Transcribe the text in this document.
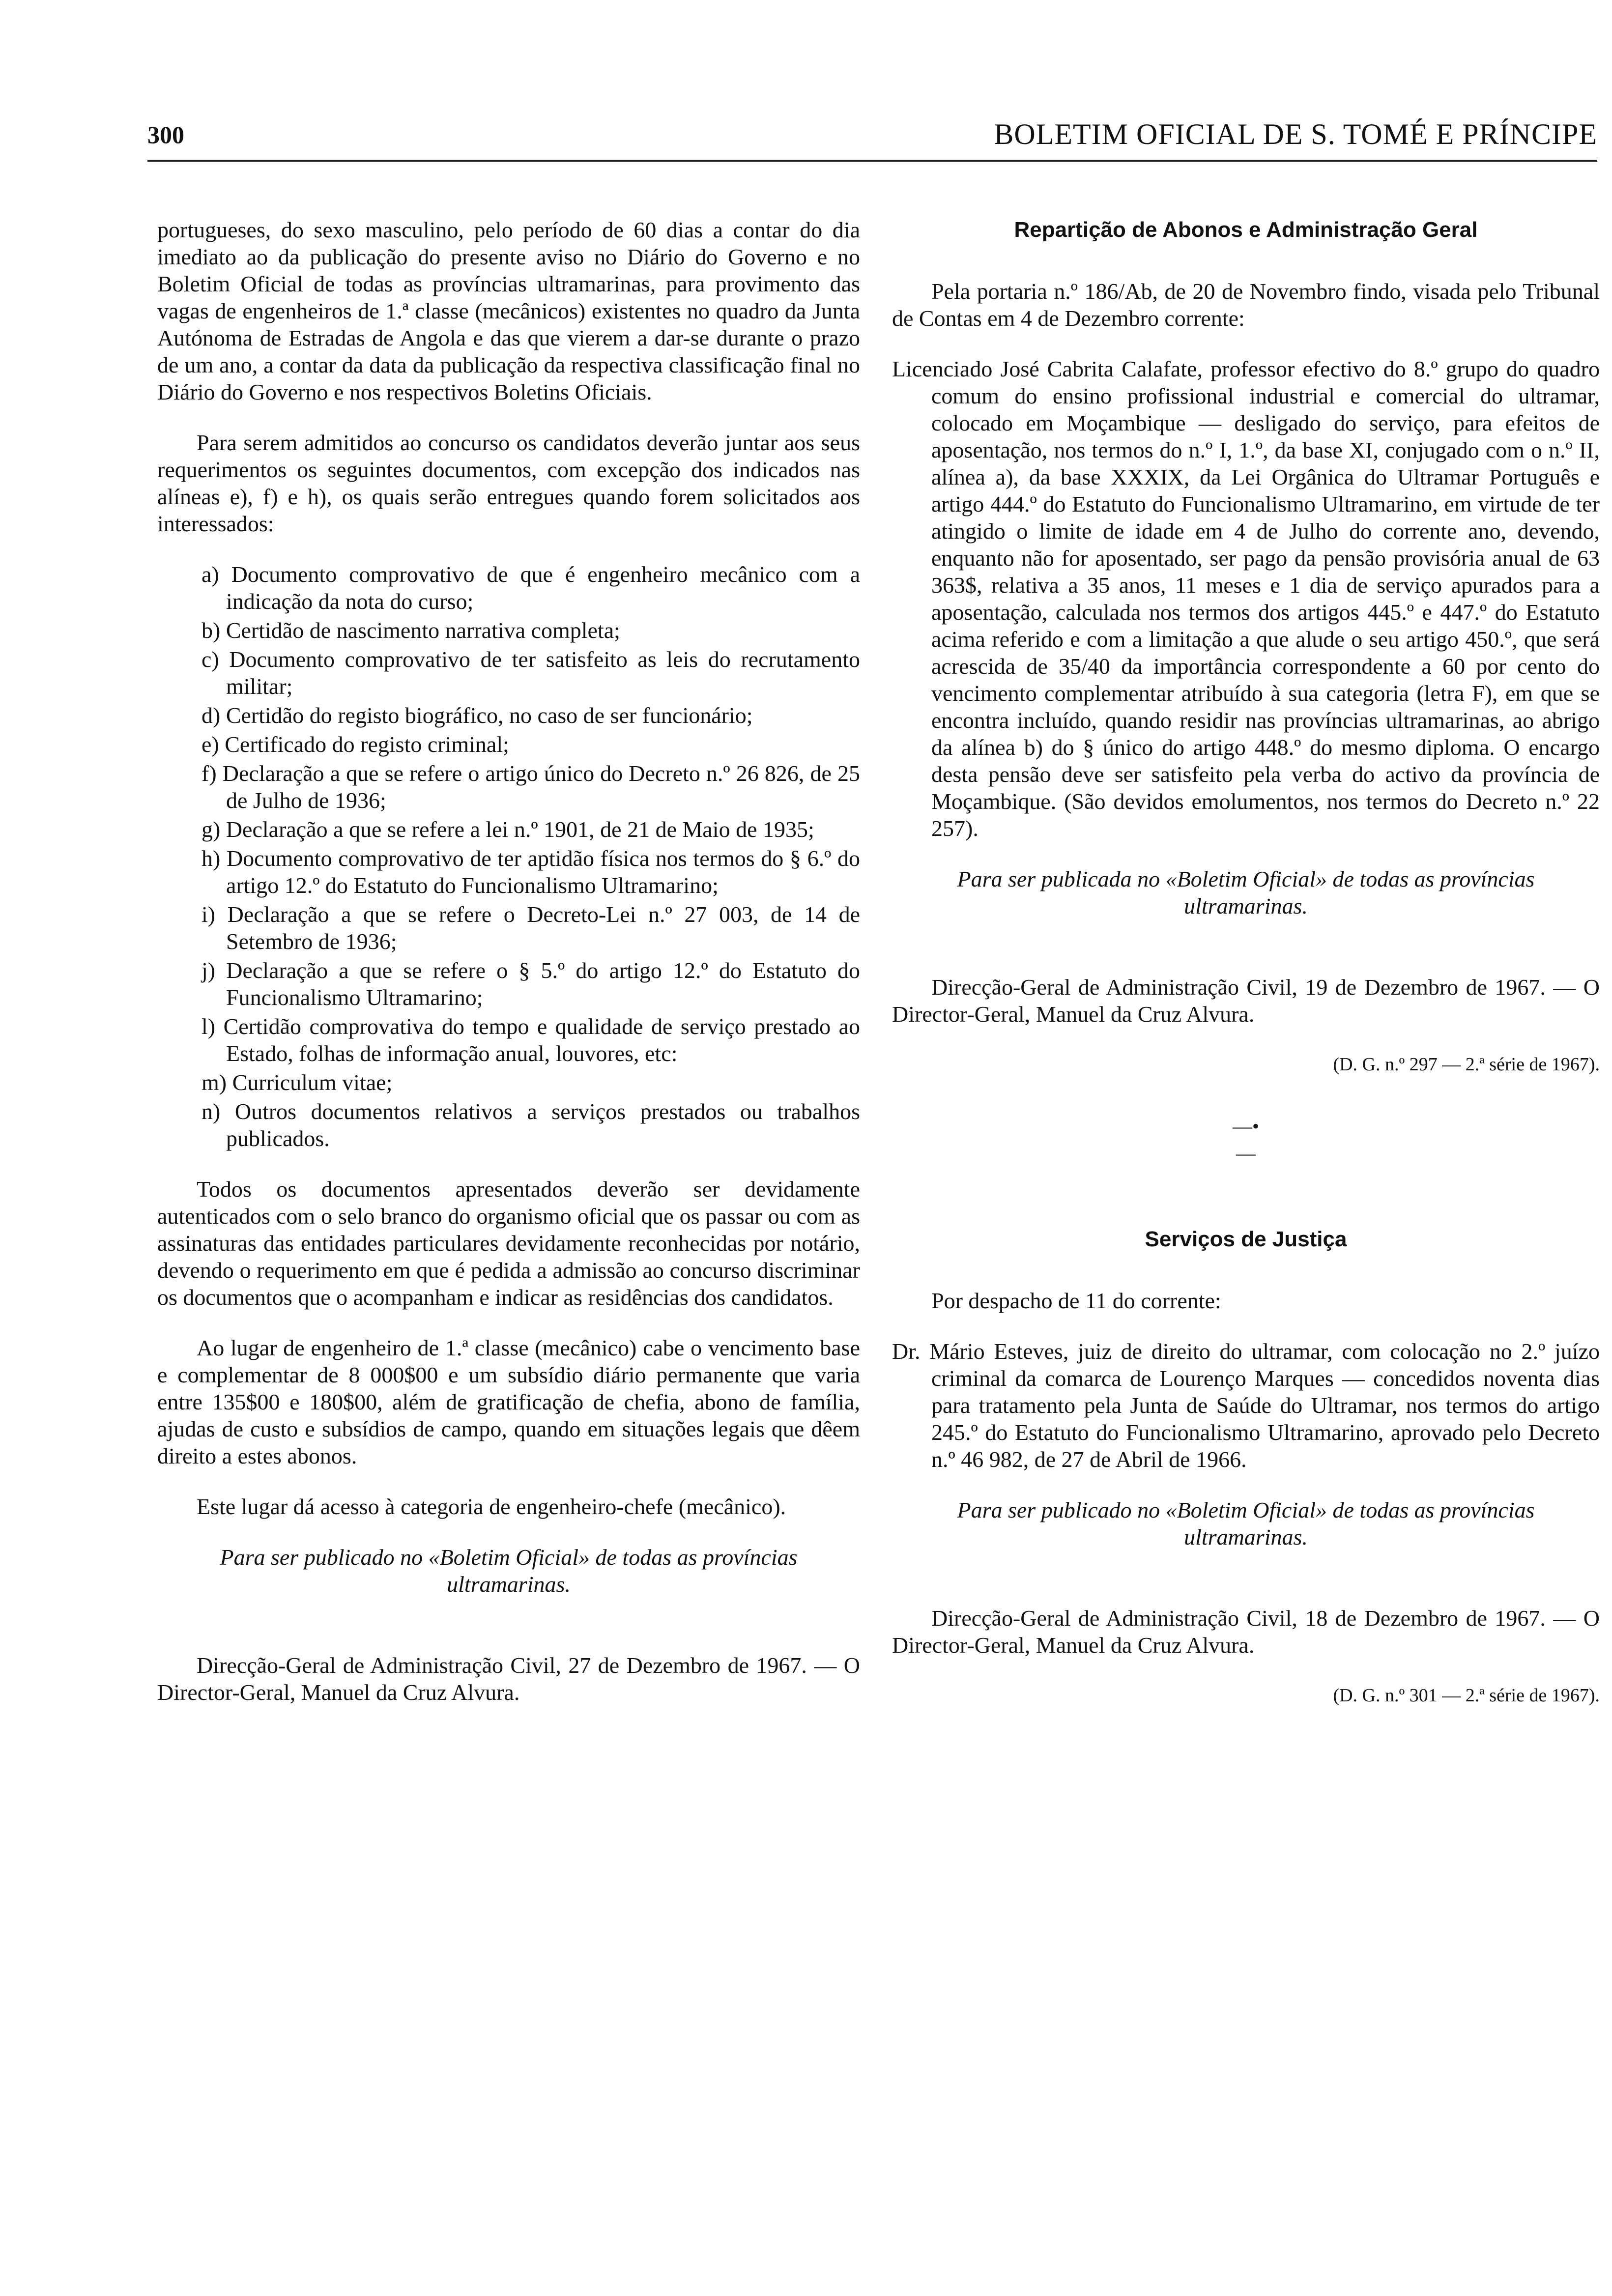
300	BOLETIM OFICIAL DE S. TOMÉ E PRÍNCIPE

portugueses, do sexo masculino, pelo período de 60 dias a contar do dia imediato ao da publicação do presente aviso no Diário do Governo e no Boletim Oficial de todas as províncias ultramarinas, para provimento das vagas de engenheiros de 1.ª classe (mecânicos) existentes no quadro da Junta Autónoma de Estradas de Angola e das que vierem a dar-se durante o prazo de um ano, a contar da data da publicação da respectiva classificação final no Diário do Governo e nos respectivos Boletins Oficiais.

Para serem admitidos ao concurso os candidatos deverão juntar aos seus requerimentos os seguintes documentos, com excepção dos indicados nas alíneas e), f) e h), os quais serão entregues quando forem solicitados aos interessados:

a) Documento comprovativo de que é engenheiro mecânico com a indicação da nota do curso;
b) Certidão de nascimento narrativa completa;
c) Documento comprovativo de ter satisfeito as leis do recrutamento militar;
d) Certidão do registo biográfico, no caso de ser funcionário;
e) Certificado do registo criminal;
f) Declaração a que se refere o artigo único do Decreto n.º 26 826, de 25 de Julho de 1936;
g) Declaração a que se refere a lei n.º 1901, de 21 de Maio de 1935;
h) Documento comprovativo de ter aptidão física nos termos do § 6.º do artigo 12.º do Estatuto do Funcionalismo Ultramarino;
i) Declaração a que se refere o Decreto-Lei n.º 27 003, de 14 de Setembro de 1936;
j) Declaração a que se refere o § 5.º do artigo 12.º do Estatuto do Funcionalismo Ultramarino;
l) Certidão comprovativa do tempo e qualidade de serviço prestado ao Estado, folhas de informação anual, louvores, etc:
m) Curriculum vitae;
n) Outros documentos relativos a serviços prestados ou trabalhos publicados.

Todos os documentos apresentados deverão ser devidamente autenticados com o selo branco do organismo oficial que os passar ou com as assinaturas das entidades particulares devidamente reconhecidas por notário, devendo o requerimento em que é pedida a admissão ao concurso discriminar os documentos que o acompanham e indicar as residências dos candidatos.

Ao lugar de engenheiro de 1.ª classe (mecânico) cabe o vencimento base e complementar de 8 000$00 e um subsídio diário permanente que varia entre 135$00 e 180$00, além de gratificação de chefia, abono de família, ajudas de custo e subsídios de campo, quando em situações legais que dêem direito a estes abonos.

Este lugar dá acesso à categoria de engenheiro-chefe (mecânico).

Para ser publicado no «Boletim Oficial» de todas as províncias ultramarinas.

Direcção-Geral de Administração Civil, 27 de Dezembro de 1967. — O Director-Geral, Manuel da Cruz Alvura.

Repartição de Abonos e Administração Geral

Pela portaria n.º 186/Ab, de 20 de Novembro findo, visada pelo Tribunal de Contas em 4 de Dezembro corrente:

Licenciado José Cabrita Calafate, professor efectivo do 8.º grupo do quadro comum do ensino profissional industrial e comercial do ultramar, colocado em Moçambique — desligado do serviço, para efeitos de aposentação, nos termos do n.º I, 1.º, da base XI, conjugado com o n.º II, alínea a), da base XXXIX, da Lei Orgânica do Ultramar Português e artigo 444.º do Estatuto do Funcionalismo Ultramarino, em virtude de ter atingido o limite de idade em 4 de Julho do corrente ano, devendo, enquanto não for aposentado, ser pago da pensão provisória anual de 63 363$, relativa a 35 anos, 11 meses e 1 dia de serviço apurados para a aposentação, calculada nos termos dos artigos 445.º e 447.º do Estatuto acima referido e com a limitação a que alude o seu artigo 450.º, que será acrescida de 35/40 da importância correspondente a 60 por cento do vencimento complementar atribuído à sua categoria (letra F), em que se encontra incluído, quando residir nas províncias ultramarinas, ao abrigo da alínea b) do § único do artigo 448.º do mesmo diploma. O encargo desta pensão deve ser satisfeito pela verba do activo da província de Moçambique. (São devidos emolumentos, nos termos do Decreto n.º 22 257).

Para ser publicada no «Boletim Oficial» de todas as províncias ultramarinas.

Direcção-Geral de Administração Civil, 19 de Dezembro de 1967. — O Director-Geral, Manuel da Cruz Alvura.

(D. G. n.º 297 — 2.ª série de 1967).
—•—
Serviços de Justiça

Por despacho de 11 do corrente:

Dr. Mário Esteves, juiz de direito do ultramar, com colocação no 2.º juízo criminal da comarca de Lourenço Marques — concedidos noventa dias para tratamento pela Junta de Saúde do Ultramar, nos termos do artigo 245.º do Estatuto do Funcionalismo Ultramarino, aprovado pelo Decreto n.º 46 982, de 27 de Abril de 1966.

Para ser publicado no «Boletim Oficial» de todas as províncias ultramarinas.

Direcção-Geral de Administração Civil, 18 de Dezembro de 1967. — O Director-Geral, Manuel da Cruz Alvura.

(D. G. n.º 301 — 2.ª série de 1967).
